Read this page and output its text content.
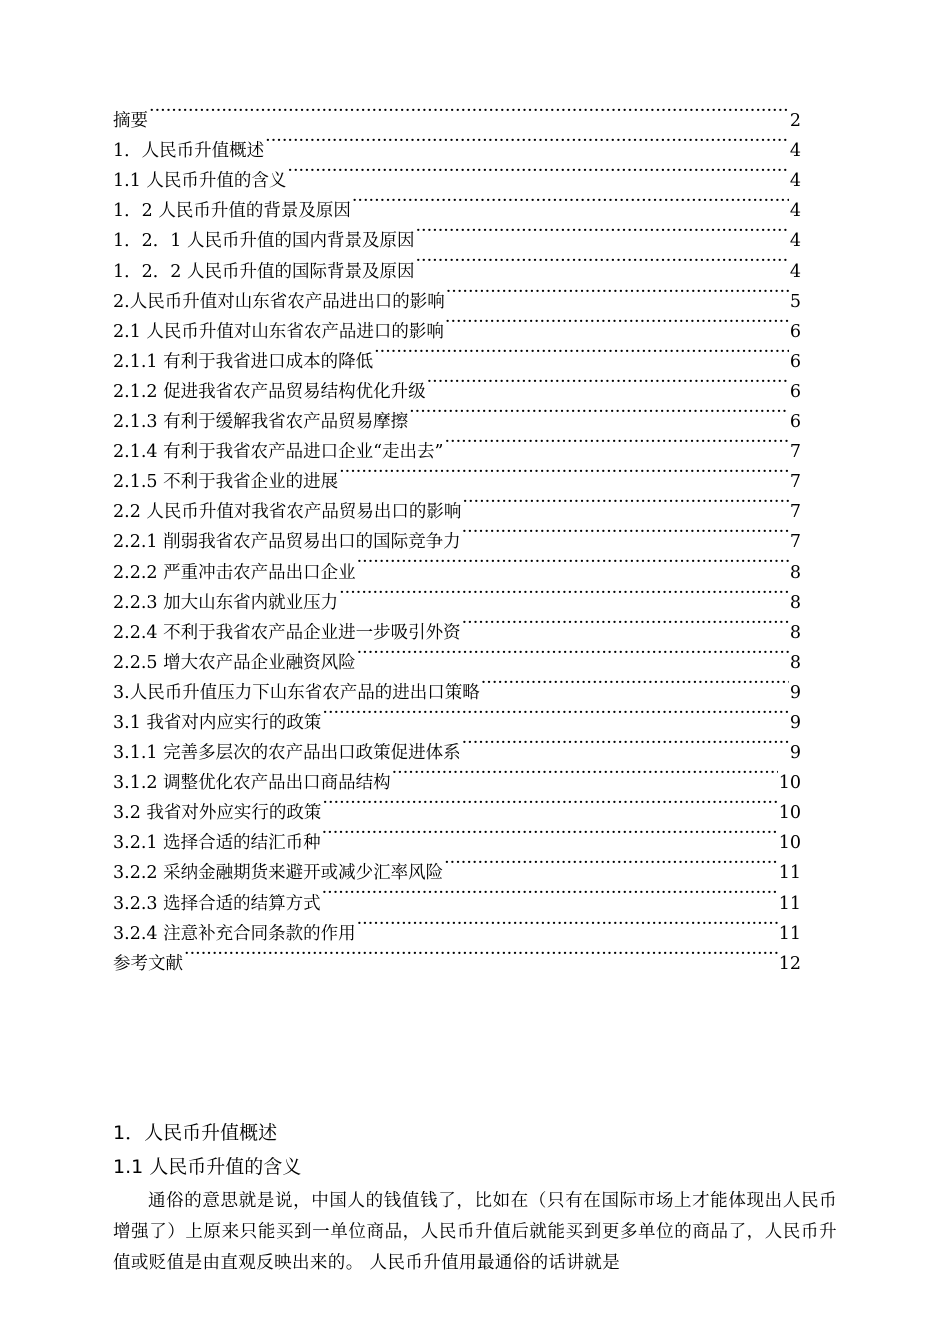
摘要 ·····	2
1．人民币升值概述 ·····	4
1.1 人民币升值的含义 ·····	4
1．2 人民币升值的背景及原因 ·····	4
1．2．1 人民币升值的国内背景及原因 ·····	4
1．2．2 人民币升值的国际背景及原因 ·····	4
2.人民币升值对山东省农产品进出口的影响 ·····	5
2.1 人民币升值对山东省农产品进口的影响 ·····	6
2.1.1 有利于我省进口成本的降低 ·····	6
2.1.2 促进我省农产品贸易结构优化升级 ·····	6
2.1.3 有利于缓解我省农产品贸易摩擦 ·····	6
2.1.4 有利于我省农产品进口企业“走出去” ·····	7
2.1.5 不利于我省企业的进展 ·····	7
2.2 人民币升值对我省农产品贸易出口的影响 ·····	7
2.2.1 削弱我省农产品贸易出口的国际竞争力 ·····	7
2.2.2 严重冲击农产品出口企业 ·····	8
2.2.3 加大山东省内就业压力 ·····	8
2.2.4 不利于我省农产品企业进一步吸引外资 ·····	8
2.2.5 增大农产品企业融资风险 ·····	8
3.人民币升值压力下山东省农产品的进出口策略 ·····	9
3.1 我省对内应实行的政策 ·····	9
3.1.1 完善多层次的农产品出口政策促进体系 ·····	9
3.1.2 调整优化农产品出口商品结构 ·····	10
3.2 我省对外应实行的政策 ·····	10
3.2.1 选择合适的结汇币种 ·····	10
3.2.2 采纳金融期货来避开或减少汇率风险 ·····	11
3.2.3 选择合适的结算方式 ·····	11
3.2.4 注意补充合同条款的作用 ·····	11
参考文献 ·····	12
1．人民币升值概述
1.1 人民币升值的含义
通俗的意思就是说，中国人的钱值钱了，比如在（只有在国际市场上才能体现出人民币增强了）上原来只能买到一单位商品，人民币升值后就能买到更多单位的商品了，人民币升值或贬值是由直观反映出来的。 人民币升值用最通俗的话讲就是
